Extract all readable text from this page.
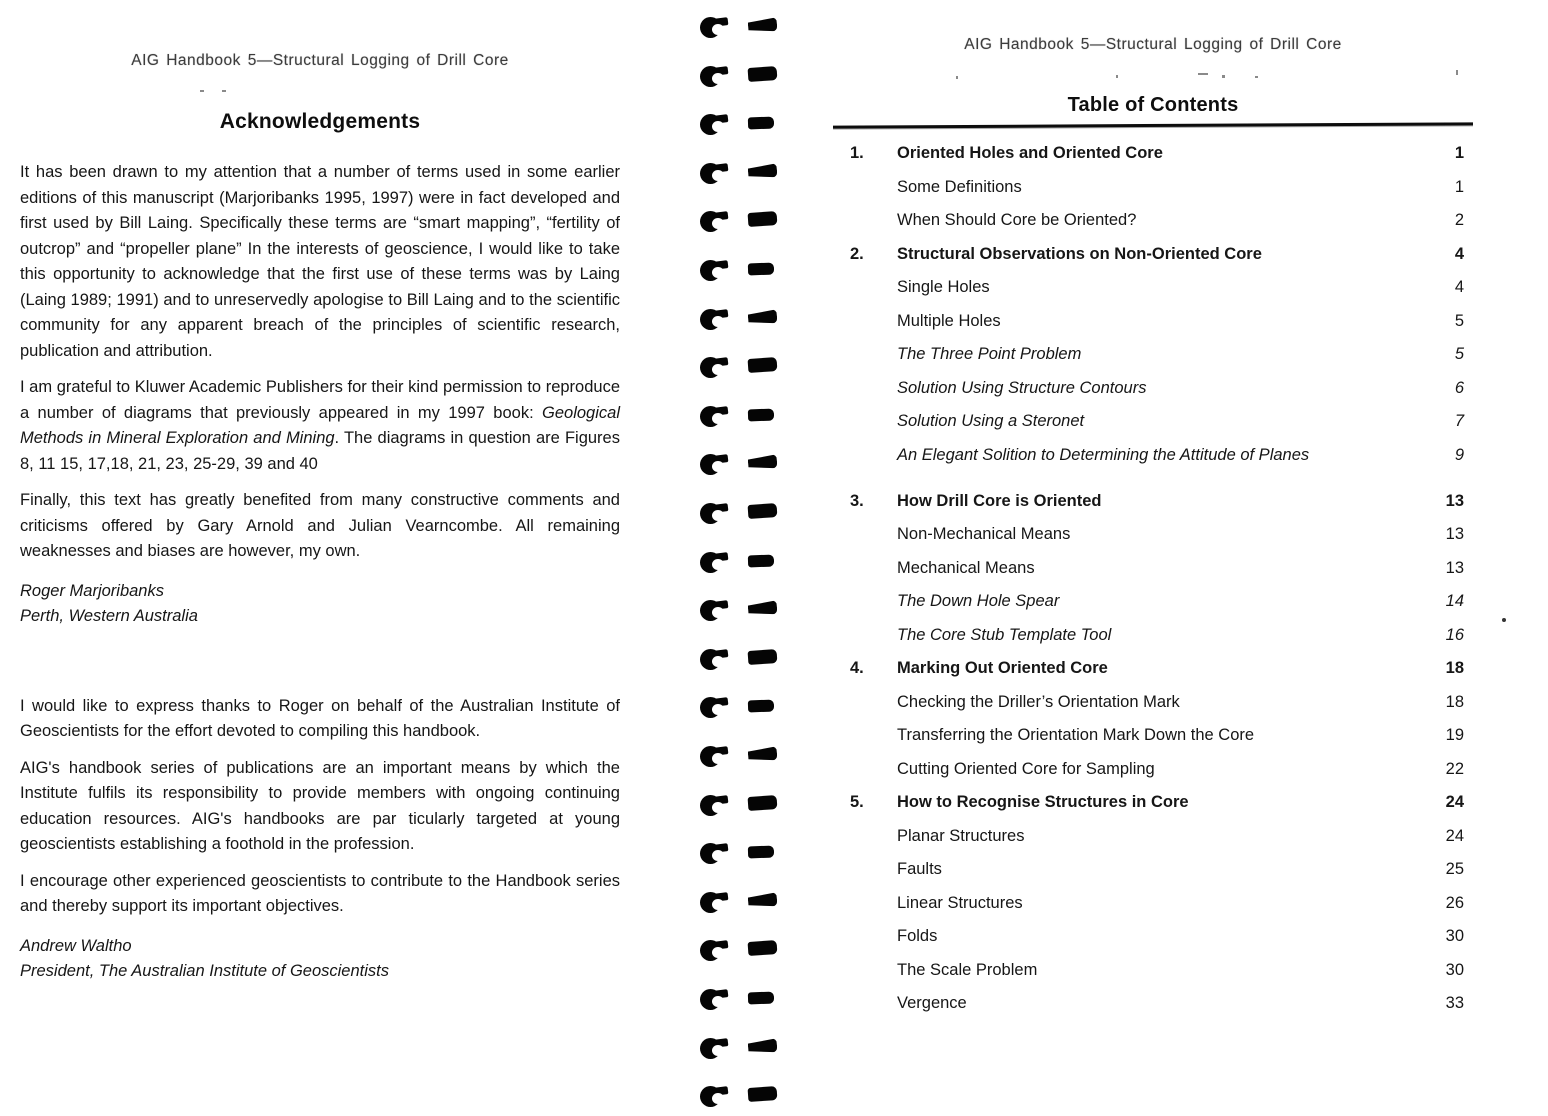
AIG Handbook 5—Structural Logging of Drill Core
Acknowledgements

It has been drawn to my attention that a number of terms used in some earlier editions of this manuscript (Marjoribanks 1995, 1997) were in fact developed and first used by Bill Laing. Specifically these terms are “smart mapping”, “fertility of outcrop” and “propeller plane” In the interests of geoscience, I would like to take this opportunity to acknowledge that the first use of these terms was by Laing (Laing 1989; 1991) and to unreservedly apologise to Bill Laing and to the scientific community for any apparent breach of the principles of scientific research, publication and attribution.

I am grateful to Kluwer Academic Publishers for their kind permission to reproduce a number of diagrams that previously appeared in my 1997 book: Geological Methods in Mineral Exploration and Mining. The diagrams in question are Figures 8, 11 15, 17,18, 21, 23, 25-29, 39 and 40

Finally, this text has greatly benefited from many constructive comments and criticisms offered by Gary Arnold and Julian Vearncombe. All remaining weaknesses and biases are however, my own.

Roger Marjoribanks
Perth, Western Australia

I would like to express thanks to Roger on behalf of the Australian Institute of Geoscientists for the effort devoted to compiling this handbook.

AIG's handbook series of publications are an important means by which the Institute fulfils its responsibility to provide members with ongoing continuing education resources. AIG's handbooks are par ticularly targeted at young geoscientists establishing a foothold in the profession.

I encourage other experienced geoscientists to contribute to the Handbook series and thereby support its important objectives.

Andrew Waltho
President, The Australian Institute of Geoscientists

AIG Handbook 5—Structural Logging of Drill Core
Table of Contents
1.	Oriented Holes and Oriented Core	1
Some Definitions	1
When Should Core be Oriented?	2
2.	Structural Observations on Non-Oriented Core	4
Single Holes	4
Multiple Holes	5
The Three Point Problem	5
Solution Using Structure Contours	6
Solution Using a Steronet	7
An Elegant Solition to Determining the Attitude of Planes	9
3.	How Drill Core is Oriented	13
Non-Mechanical Means	13
Mechanical Means	13
The Down Hole Spear	14
The Core Stub Template Tool	16
4.	Marking Out Oriented Core	18
Checking the Driller’s Orientation Mark	18
Transferring the Orientation Mark Down the Core	19
Cutting Oriented Core for Sampling	22
5.	How to Recognise Structures in Core	24
Planar Structures	24
Faults	25
Linear Structures	26
Folds	30
The Scale Problem	30
Vergence	33
